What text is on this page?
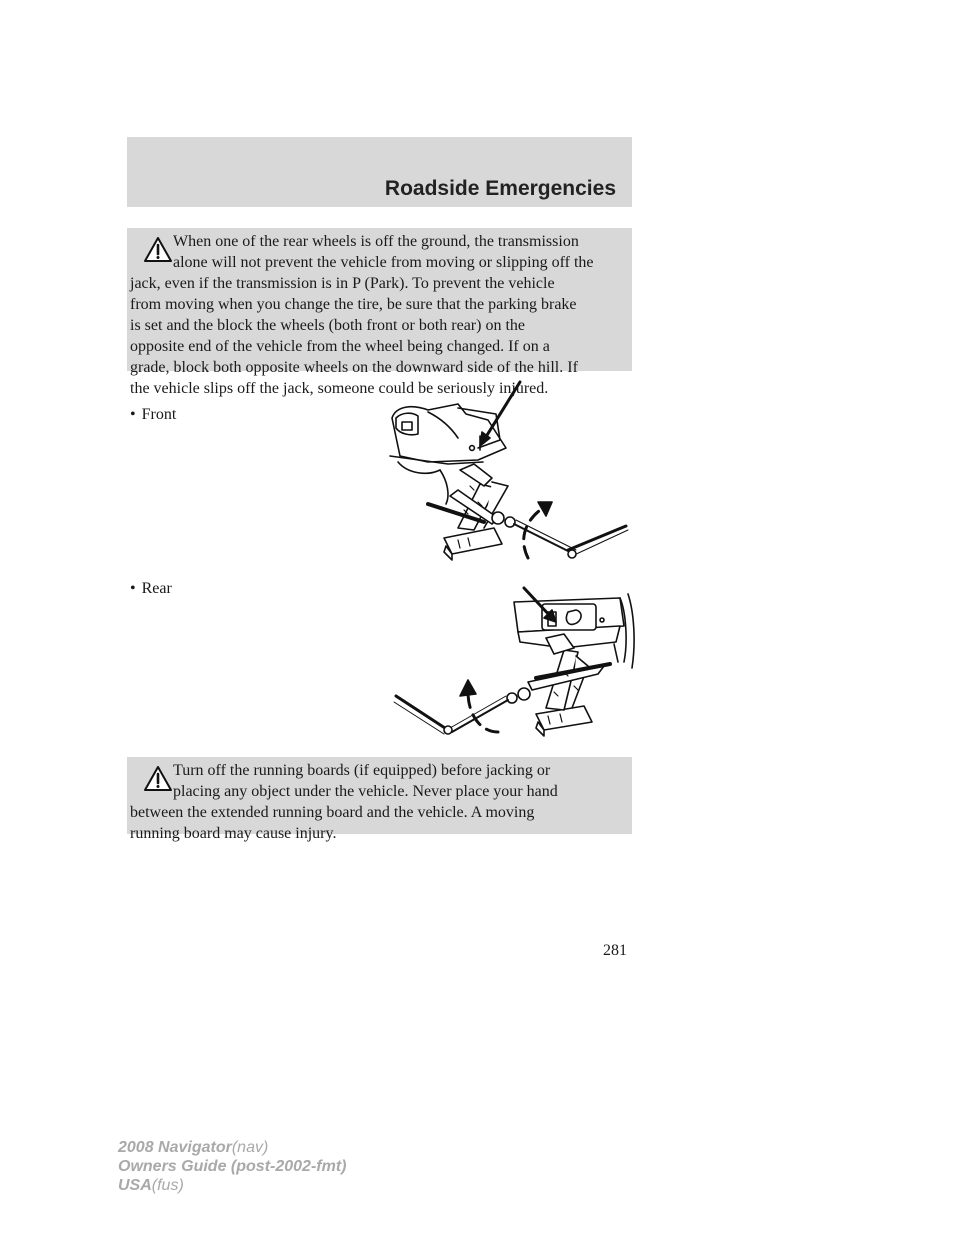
Roadside Emergencies
When one of the rear wheels is off the ground, the transmission
alone will not prevent the vehicle from moving or slipping off the
jack, even if the transmission is in P (Park). To prevent the vehicle
from moving when you change the tire, be sure that the parking brake
is set and the block the wheels (both front or both rear) on the
opposite end of the vehicle from the wheel being changed. If on a
grade, block both opposite wheels on the downward side of the hill. If
the vehicle slips off the jack, someone could be seriously injured.
• Front
• Rear
Turn off the running boards (if equipped) before jacking or
placing any object under the vehicle. Never place your hand
between the extended running board and the vehicle. A moving
running board may cause injury.
281
2008 Navigator(nav)
Owners Guide (post-2002-fmt)
USA(fus)
